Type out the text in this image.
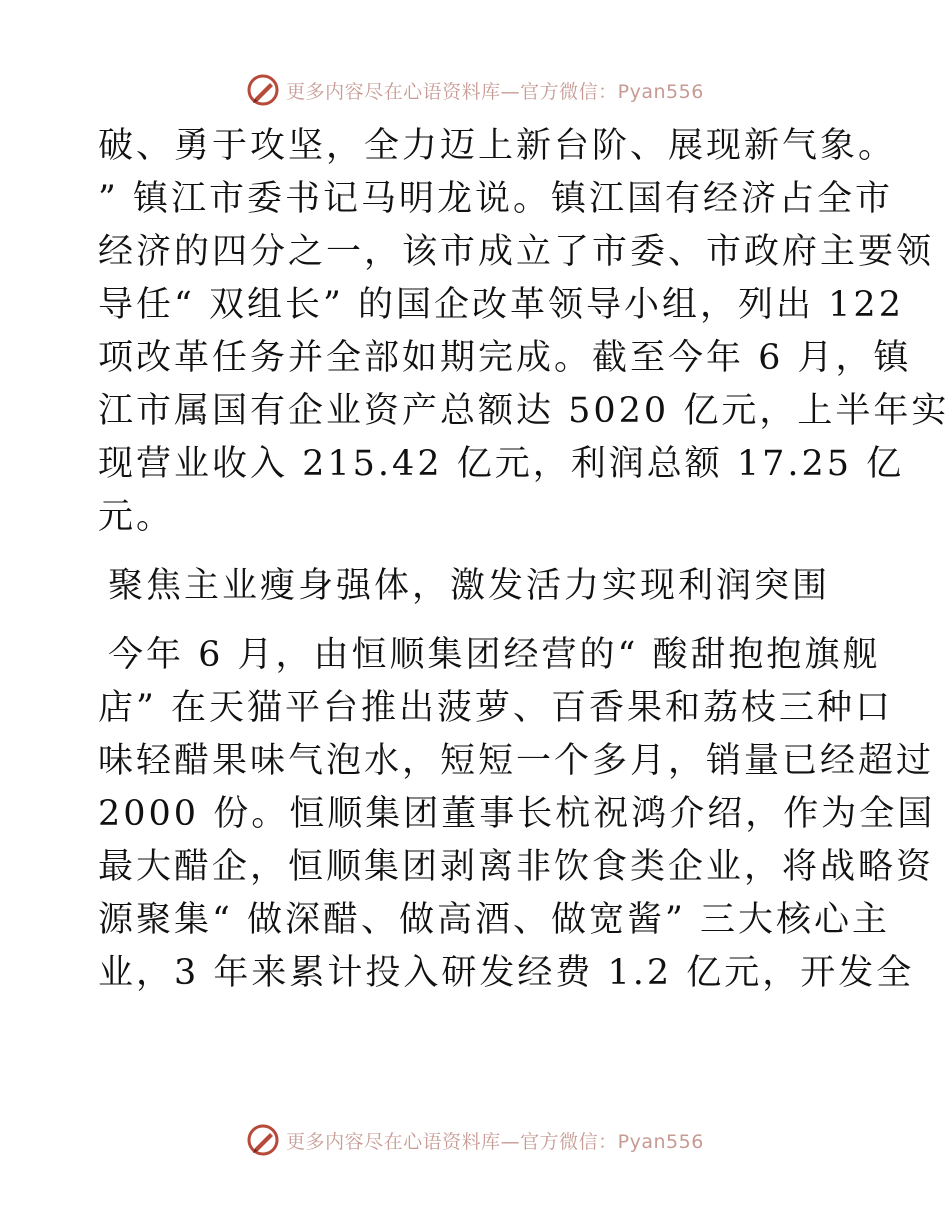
更多内容尽在心语资料库—官方微信：Pyan556
破、勇于攻坚，全力迈上新台阶、展现新气象。
” 镇江市委书记马明龙说。镇江国有经济占全市
经济的四分之一，该市成立了市委、市政府主要领
导任“ 双组长” 的国企改革领导小组，列出 122
项改革任务并全部如期完成。截至今年 6 月，镇
江市属国有企业资产总额达 5020 亿元，上半年实
现营业收入 215.42 亿元，利润总额 17.25 亿
元。
聚焦主业瘦身强体，激发活力实现利润突围
今年 6 月，由恒顺集团经营的“ 酸甜抱抱旗舰
店” 在天猫平台推出菠萝、百香果和荔枝三种口
味轻醋果味气泡水，短短一个多月，销量已经超过
2000 份。恒顺集团董事长杭祝鸿介绍，作为全国
最大醋企，恒顺集团剥离非饮食类企业，将战略资
源聚集“ 做深醋、做高酒、做宽酱” 三大核心主
业，3 年来累计投入研发经费 1.2 亿元，开发全
更多内容尽在心语资料库—官方微信：Pyan556
